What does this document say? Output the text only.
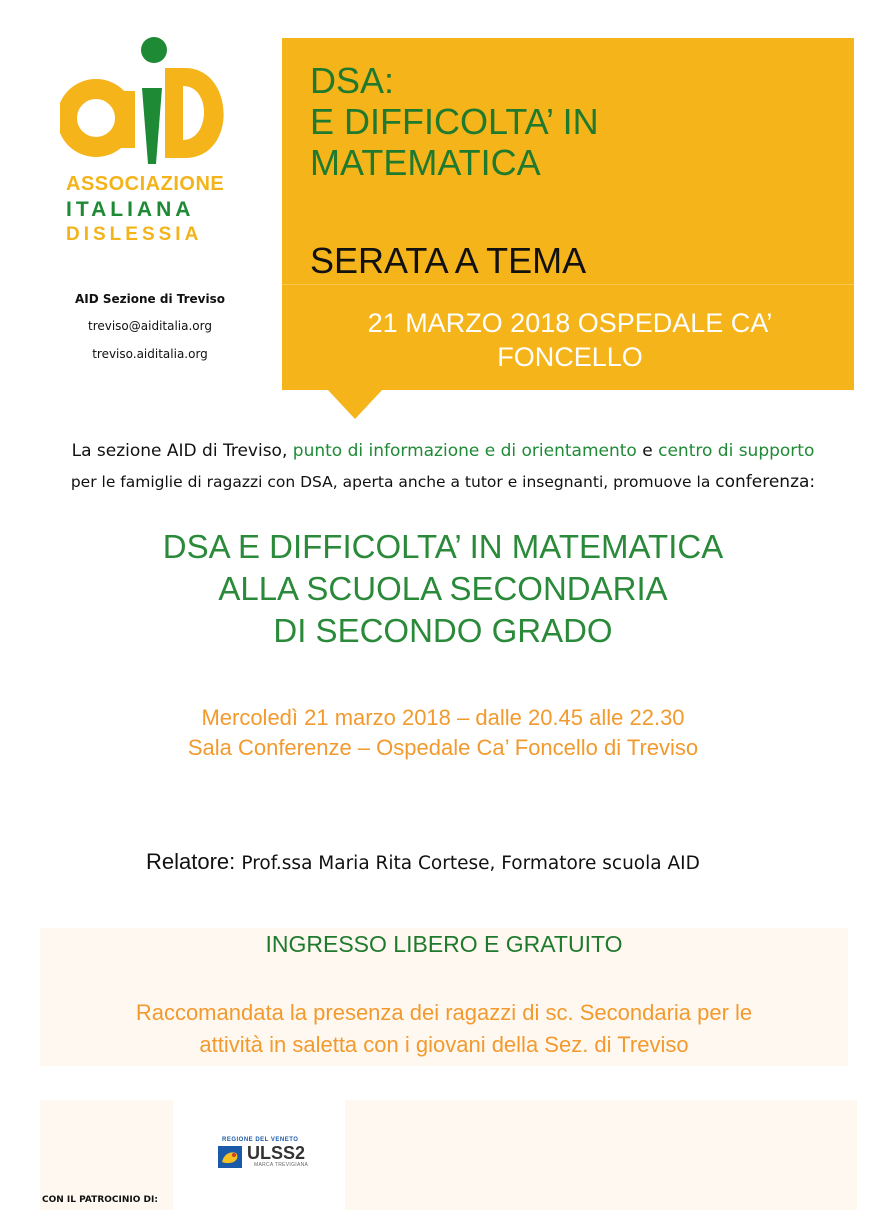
ASSOCIAZIONE
ITALIANA
DISLESSIA
AID Sezione di Treviso
treviso@aiditalia.org
treviso.aiditalia.org
DSA:
E DIFFICOLTA’ IN
MATEMATICA
SERATA A TEMA
21 MARZO 2018 OSPEDALE CA’
FONCELLO
La sezione AID di Treviso, punto di informazione e di orientamento e centro di supporto
per le famiglie di ragazzi con DSA, aperta anche a tutor e insegnanti, promuove la conferenza:
DSA E DIFFICOLTA’ IN MATEMATICA
ALLA SCUOLA SECONDARIA
DI SECONDO GRADO
Mercoledì 21 marzo 2018 – dalle 20.45 alle 22.30
Sala Conferenze – Ospedale Ca’ Foncello di Treviso
Relatore: Prof.ssa Maria Rita Cortese, Formatore scuola AID
INGRESSO LIBERO E GRATUITO
Raccomandata la presenza dei ragazzi di sc. Secondaria per le
attività in saletta con i giovani della Sez. di Treviso
CON IL PATROCINIO DI:
REGIONE DEL VENETO
ULSS2
MARCA TREVIGIANA
